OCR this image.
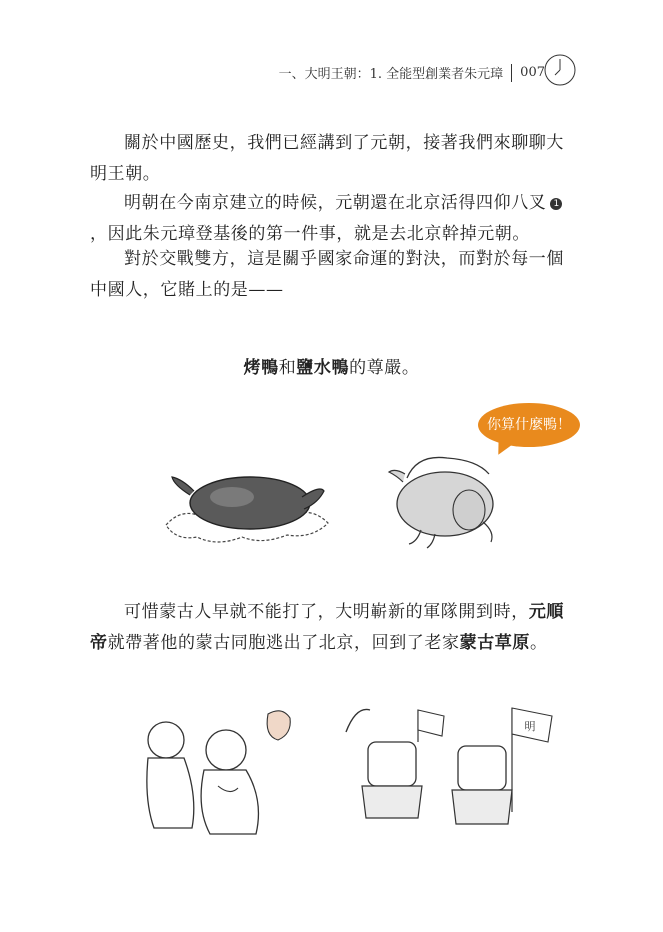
一、大明王朝：1. 全能型創業者朱元璋 007

關於中國歷史，我們已經講到了元朝，接著我們來聊聊大明王朝。

明朝在今南京建立的時候，元朝還在北京活得四仰八叉 1，因此朱元璋登基後的第一件事，就是去北京幹掉元朝。

對於交戰雙方，這是關乎國家命運的對決，而對於每一個中國人，它賭上的是——

烤鴨和鹽水鴨的尊嚴。
你算什麼鴨！

可惜蒙古人早就不能打了，大明嶄新的軍隊開到時，元順帝就帶著他的蒙古同胞逃出了北京，回到了老家蒙古草原。

明
